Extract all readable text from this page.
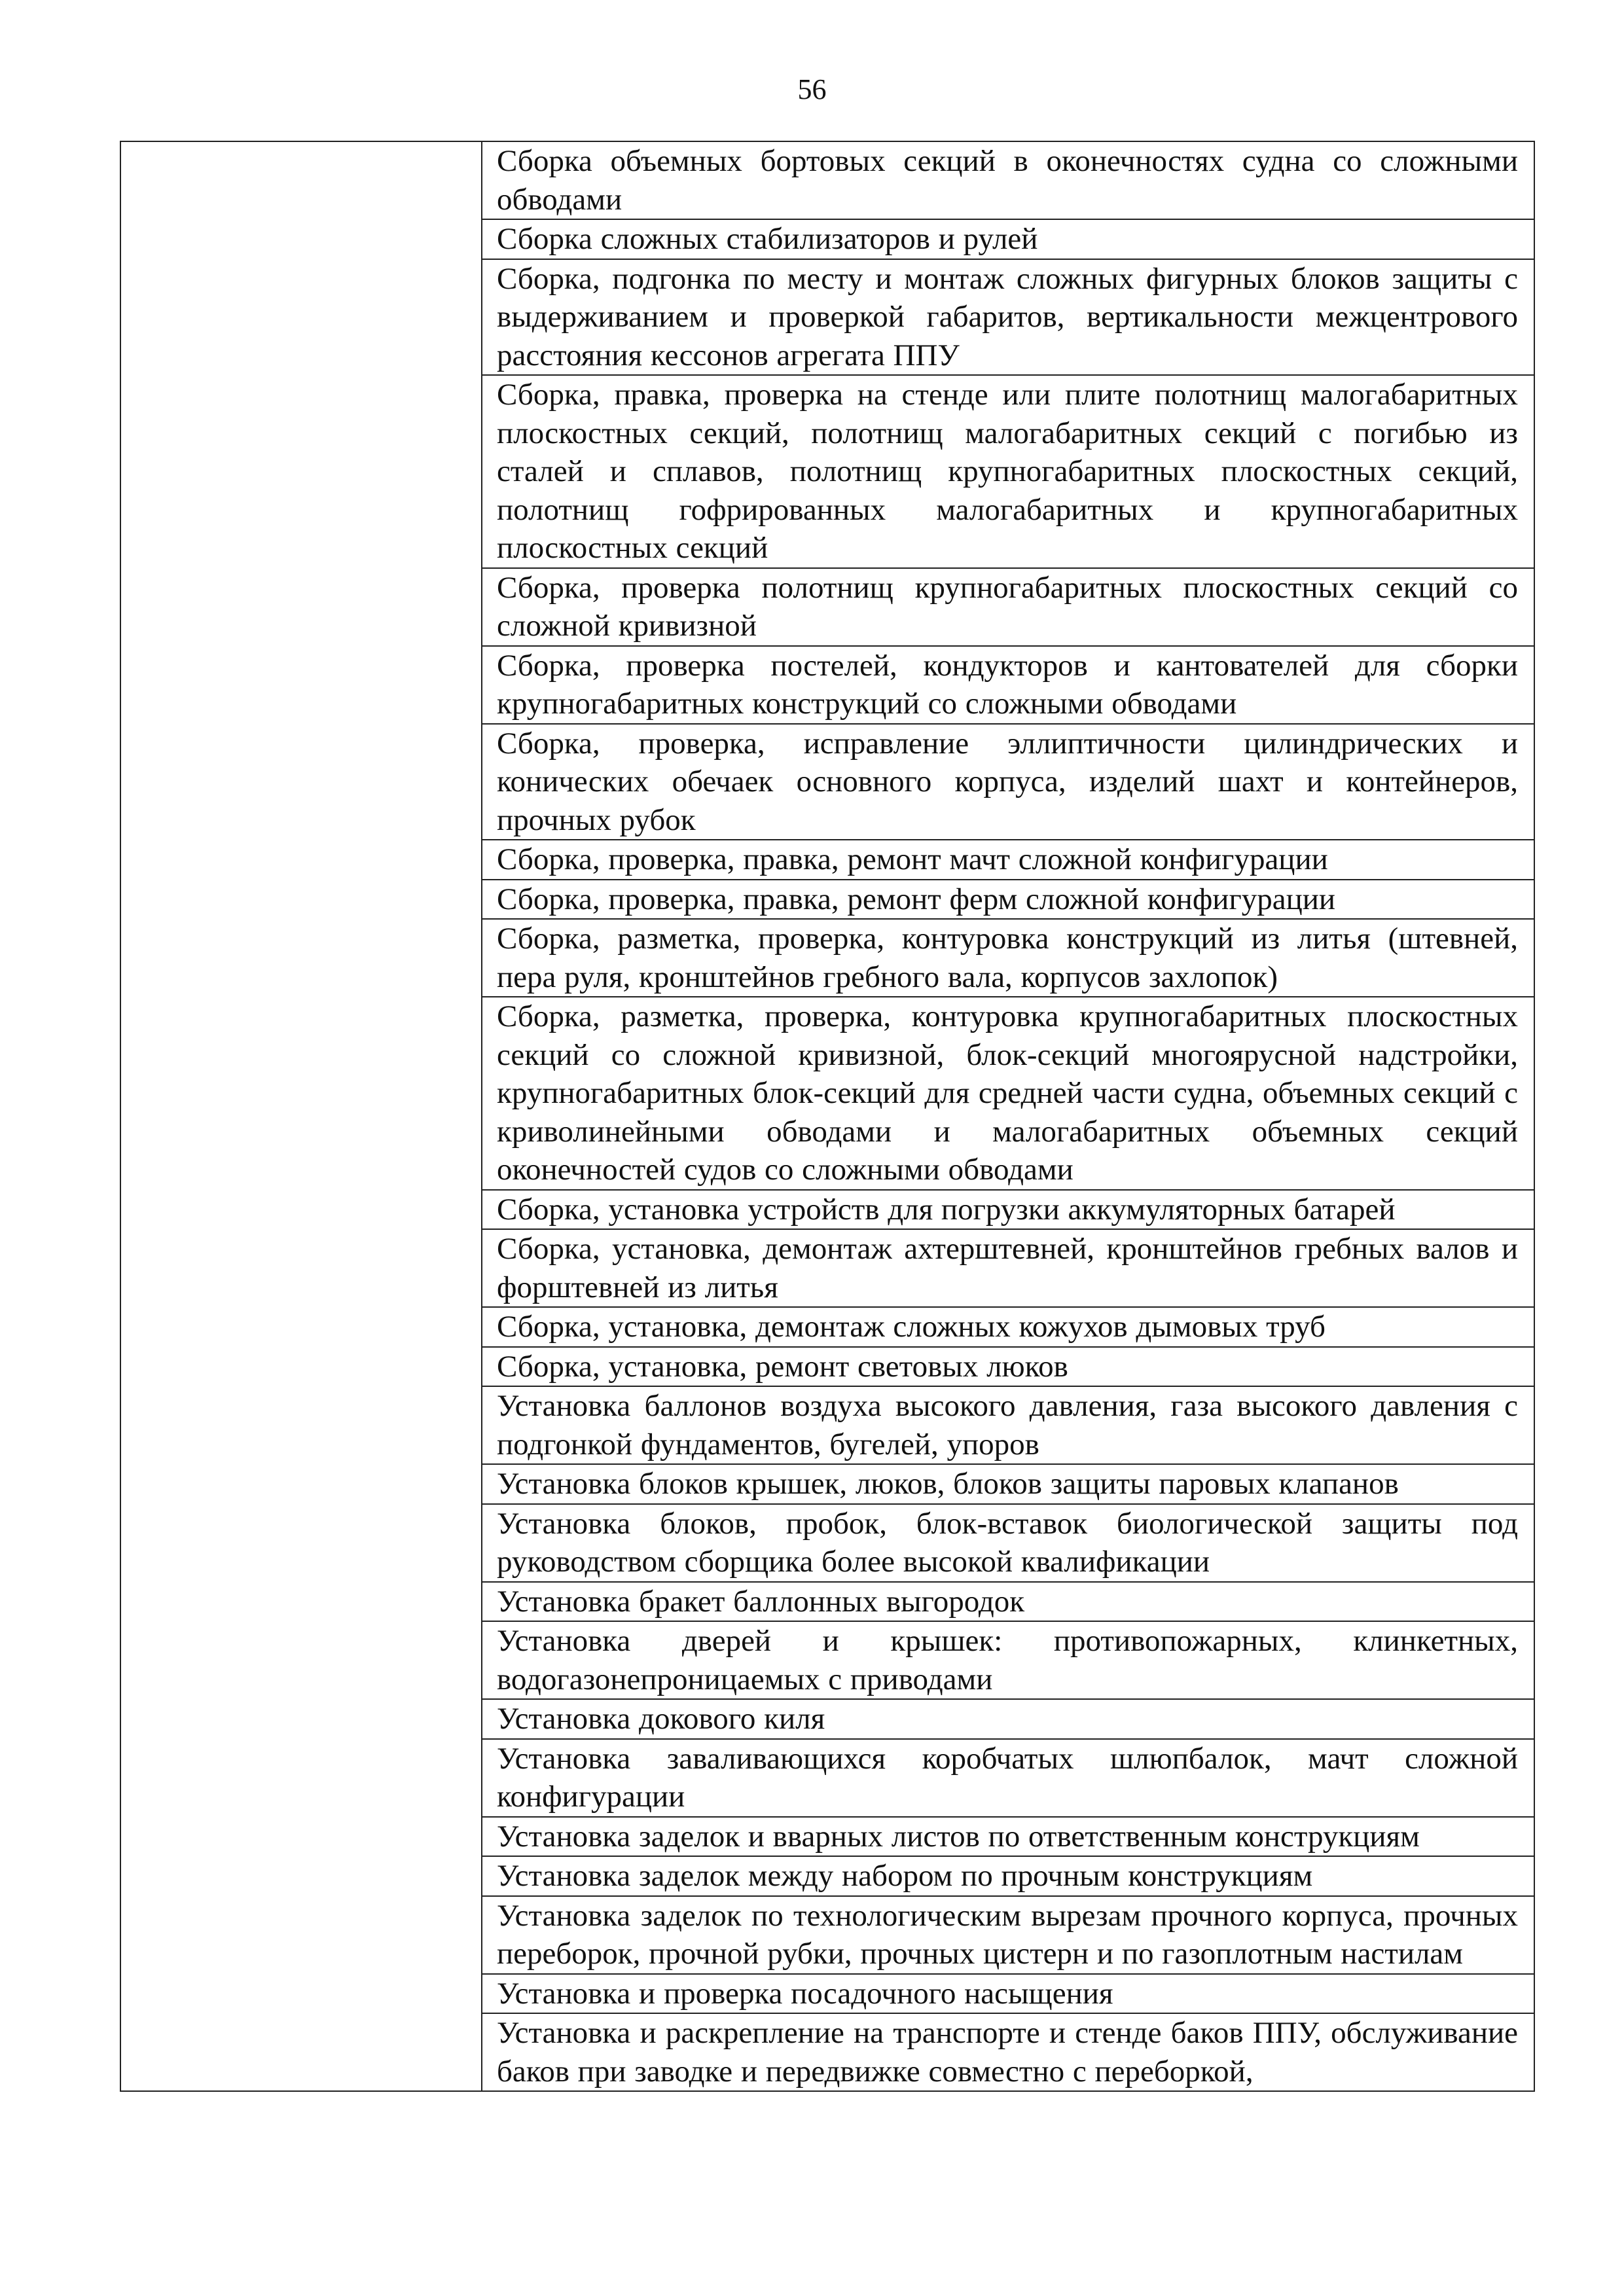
56

Сборка объемных бортовых секций в оконечностях судна со сложными обводами

Сборка сложных стабилизаторов и рулей

Сборка, подгонка по месту и монтаж сложных фигурных блоков защиты с выдерживанием и проверкой габаритов, вертикальности межцентрового расстояния кессонов агрегата ППУ

Сборка, правка, проверка на стенде или плите полотнищ малогабаритных плоскостных секций, полотнищ малогабаритных секций с погибью из сталей и сплавов, полотнищ крупногабаритных плоскостных секций, полотнищ гофрированных малогабаритных и крупногабаритных плоскостных секций

Сборка, проверка полотнищ крупногабаритных плоскостных секций со сложной кривизной

Сборка, проверка постелей, кондукторов и кантователей для сборки крупногабаритных конструкций со сложными обводами

Сборка, проверка, исправление эллиптичности цилиндрических и конических обечаек основного корпуса, изделий шахт и контейнеров, прочных рубок

Сборка, проверка, правка, ремонт мачт сложной конфигурации

Сборка, проверка, правка, ремонт ферм сложной конфигурации

Сборка, разметка, проверка, контуровка конструкций из литья (штевней, пера руля, кронштейнов гребного вала, корпусов захлопок)

Сборка, разметка, проверка, контуровка крупногабаритных плоскостных секций со сложной кривизной, блок-секций многоярусной надстройки, крупногабаритных блок-секций для средней части судна, объемных секций с криволинейными обводами и малогабаритных объемных секций оконечностей судов со сложными обводами

Сборка, установка устройств для погрузки аккумуляторных батарей

Сборка, установка, демонтаж ахтерштевней, кронштейнов гребных валов и форштевней из литья

Сборка, установка, демонтаж сложных кожухов дымовых труб

Сборка, установка, ремонт световых люков

Установка баллонов воздуха высокого давления, газа высокого давления с подгонкой фундаментов, бугелей, упоров

Установка блоков крышек, люков, блоков защиты паровых клапанов

Установка блоков, пробок, блок-вставок биологической защиты под руководством сборщика более высокой квалификации

Установка бракет баллонных выгородок

Установка дверей и крышек: противопожарных, клинкетных, водогазонепроницаемых с приводами

Установка докового киля

Установка заваливающихся коробчатых шлюпбалок, мачт сложной конфигурации

Установка заделок и вварных листов по ответственным конструкциям

Установка заделок между набором по прочным конструкциям

Установка заделок по технологическим вырезам прочного корпуса, прочных переборок, прочной рубки, прочных цистерн и по газоплотным настилам

Установка и проверка посадочного насыщения

Установка и раскрепление на транспорте и стенде баков ППУ, обслуживание баков при заводке и передвижке совместно с переборкой,
